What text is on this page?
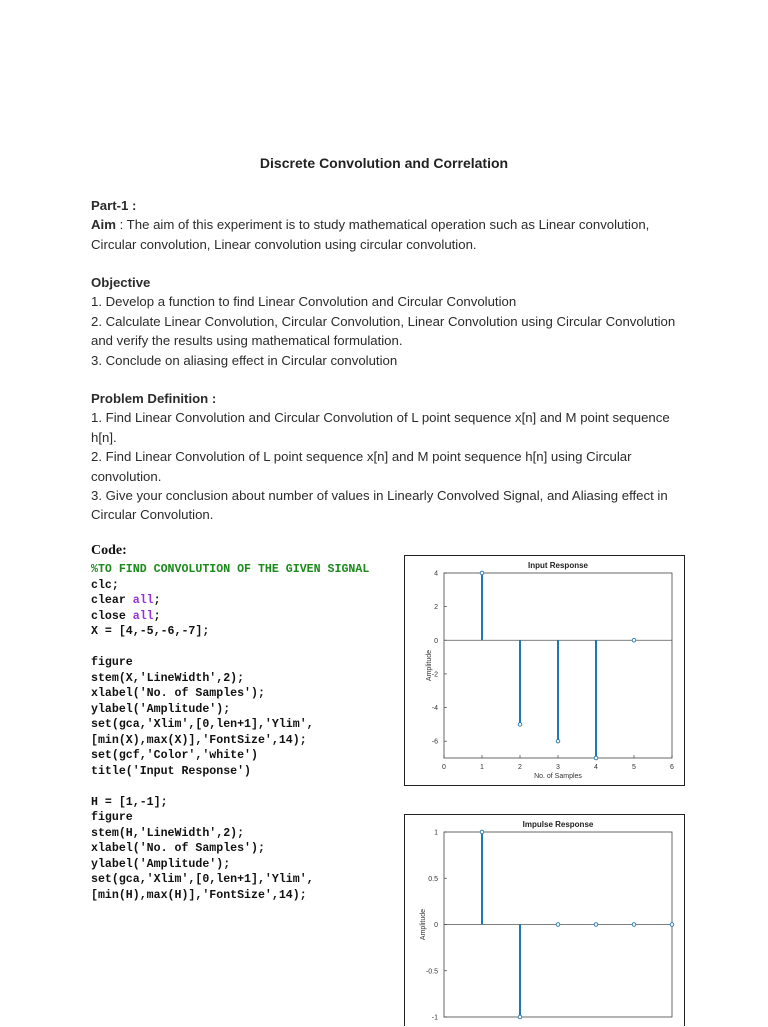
Discrete Convolution and Correlation

Part-1 :

Aim : The aim of this experiment is to study mathematical operation such as Linear convolution, Circular convolution, Linear convolution using circular convolution.

Objective

1. Develop a function to find Linear Convolution and Circular Convolution

2. Calculate Linear Convolution, Circular Convolution, Linear Convolution using Circular Convolution and verify the results using mathematical formulation.

3. Conclude on aliasing effect in Circular convolution

Problem Definition :

1. Find Linear Convolution and Circular Convolution of L point sequence x[n] and M point sequence h[n].

2. Find Linear Convolution of L point sequence x[n] and M point sequence h[n] using Circular convolution.

3. Give your conclusion about number of values in Linearly Convolved Signal, and Aliasing effect in Circular Convolution.

Code:
%TO FIND CONVOLUTION OF THE GIVEN SIGNAL
clc;
clear all;
close all;
X = [4,-5,-6,-7];

figure
stem(X,'LineWidth',2);
xlabel('No. of Samples');
ylabel('Amplitude');
set(gca,'Xlim',[0,len+1],'Ylim',
[min(X),max(X)],'FontSize',14);
set(gcf,'Color','white')
title('Input Response')

H = [1,-1];
figure
stem(H,'LineWidth',2);
xlabel('No. of Samples');
ylabel('Amplitude');
set(gca,'Xlim',[0,len+1],'Ylim',
[min(H),max(H)],'FontSize',14);
Input Response
-6
-4
-2
0
2
4
0	1	2	3	4	5	6
No. of Samples
Amplitude
Impulse Response
-1
-0.5
0
0.5
1
Amplitude
